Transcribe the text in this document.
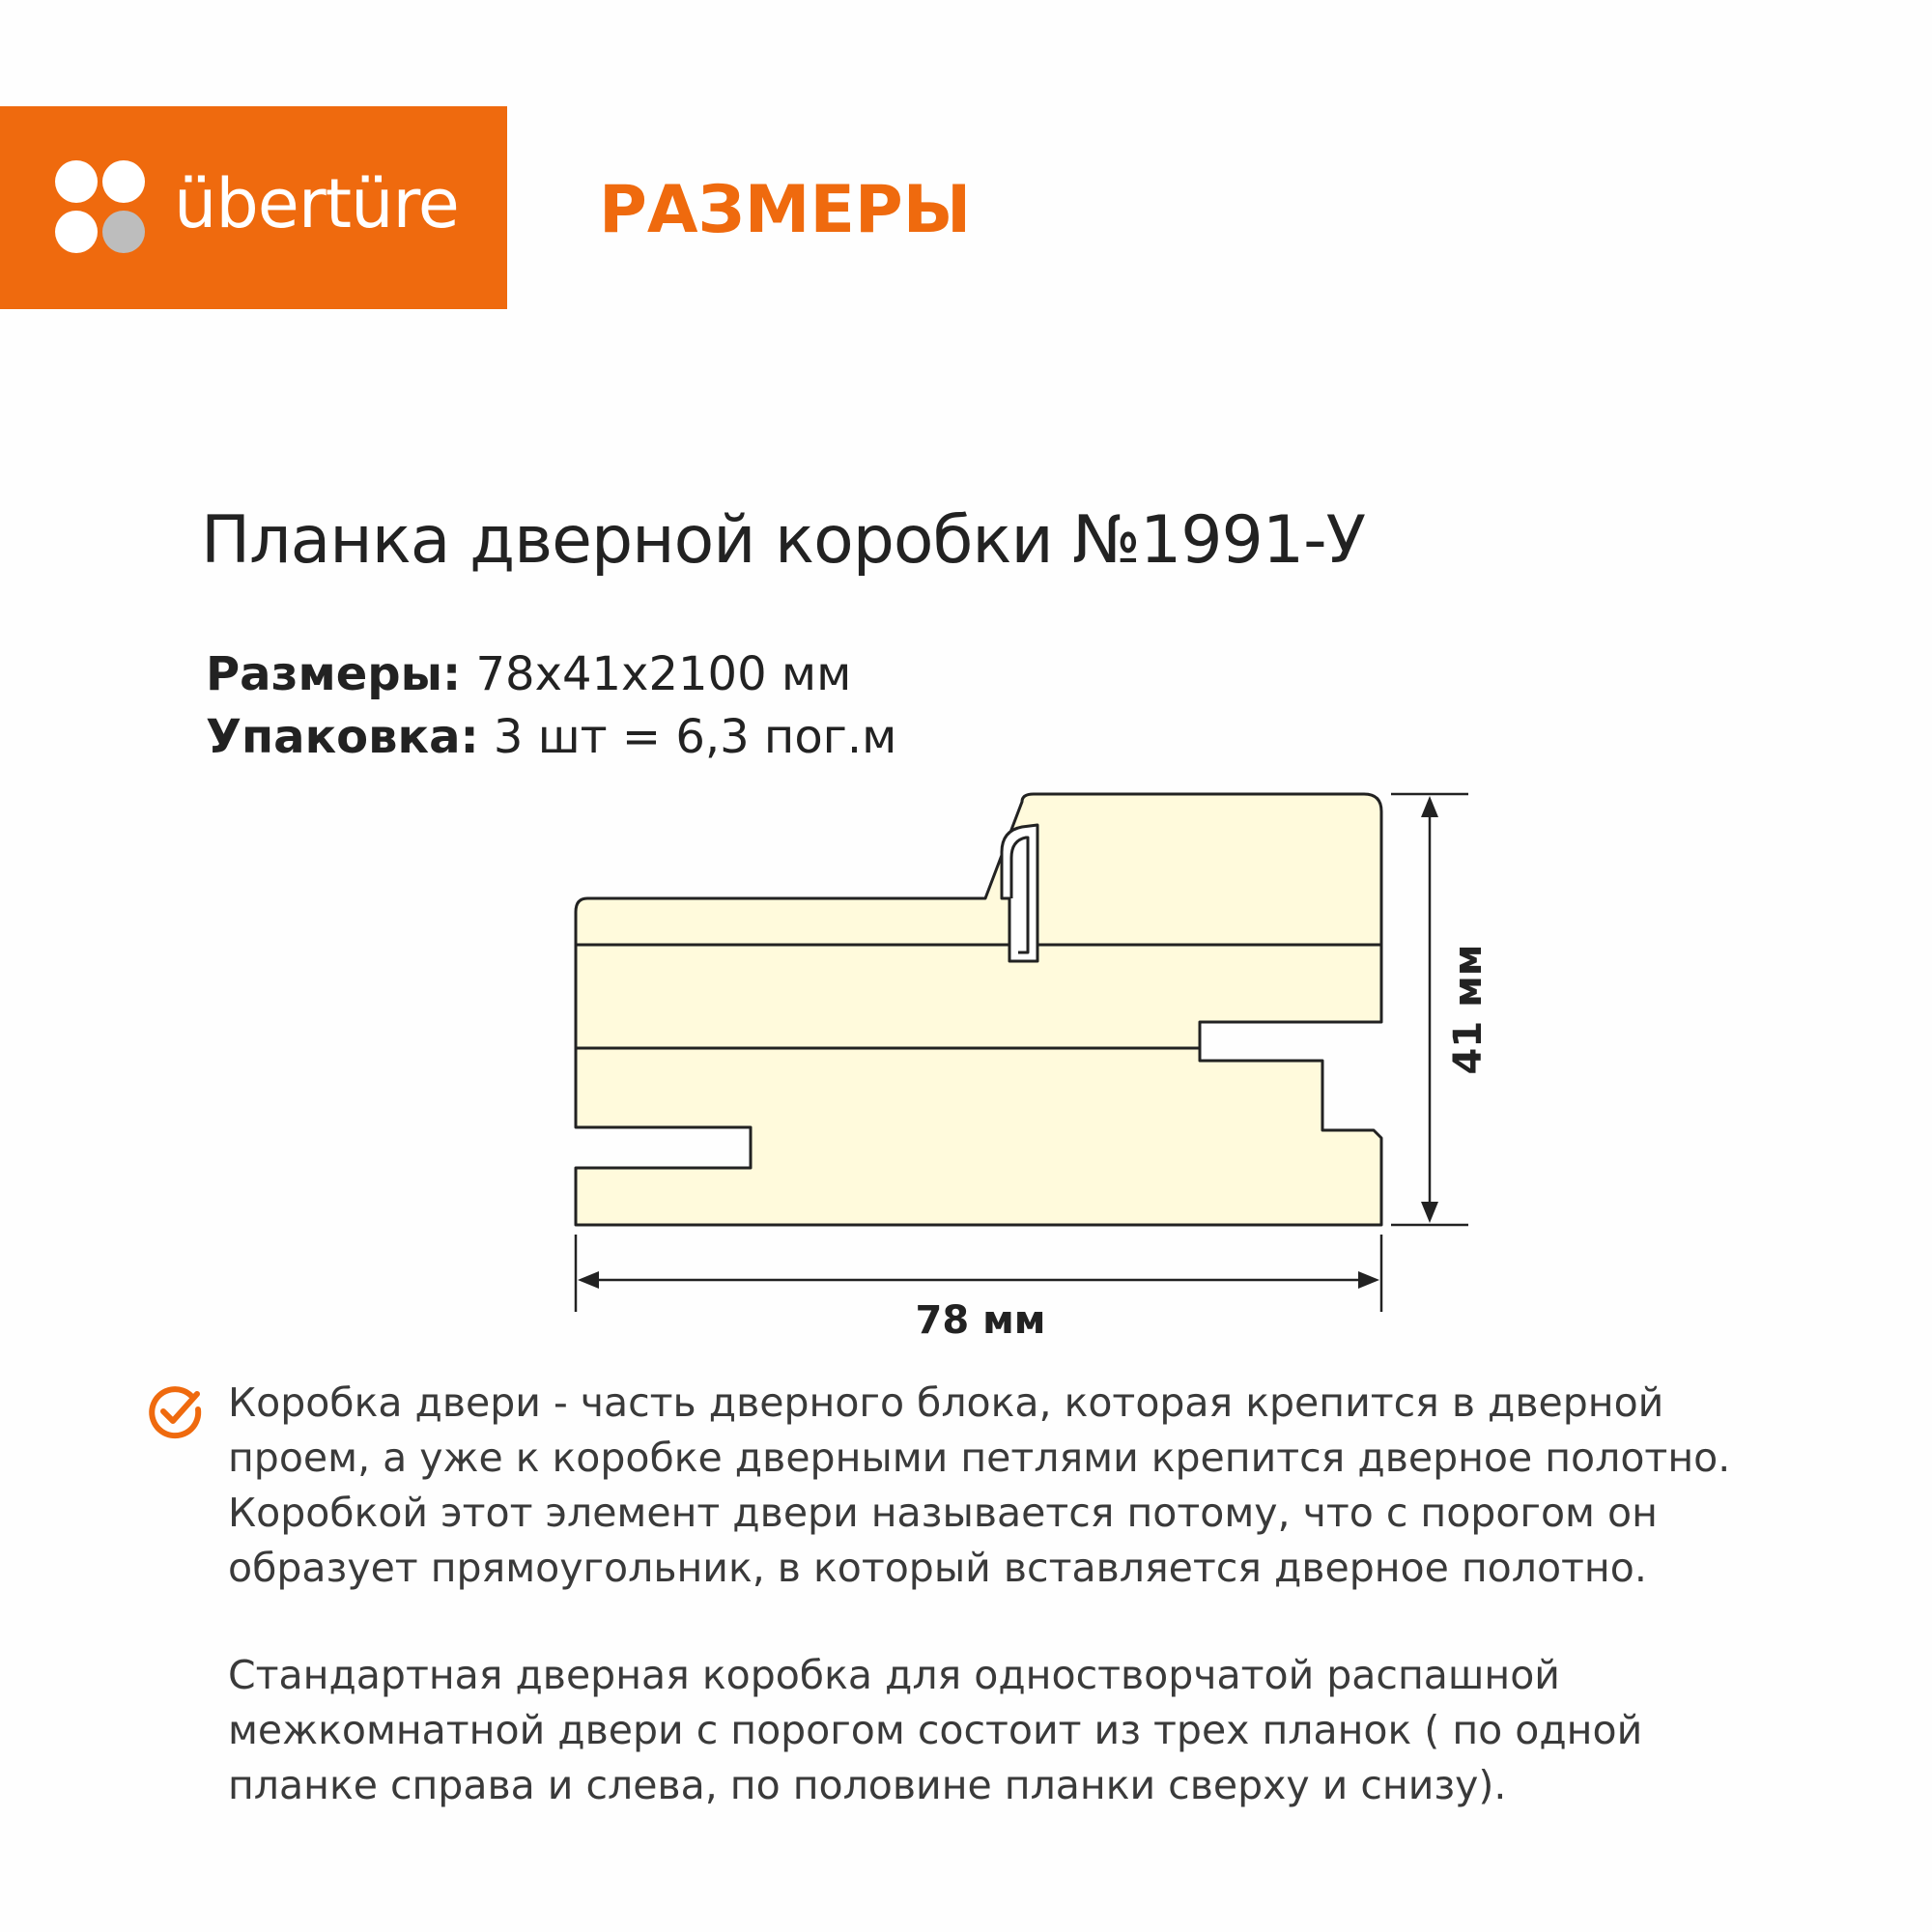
übertüre РАЗМЕРЫ
Планка дверной коробки №1991-У
Размеры: 78х41х2100 мм
Упаковка: 3 шт = 6,3 пог.м
41 мм
78 мм
Коробка двери - часть дверного блока, которая крепится в дверной
проем, а уже к коробке дверными петлями крепится дверное полотно.
Коробкой этот элемент двери называется потому, что с порогом он
образует прямоугольник, в который вставляется дверное полотно.
Стандартная дверная коробка для одностворчатой распашной
межкомнатной двери с порогом состоит из трех планок ( по одной
планке справа и слева, по половине планки сверху и снизу).
